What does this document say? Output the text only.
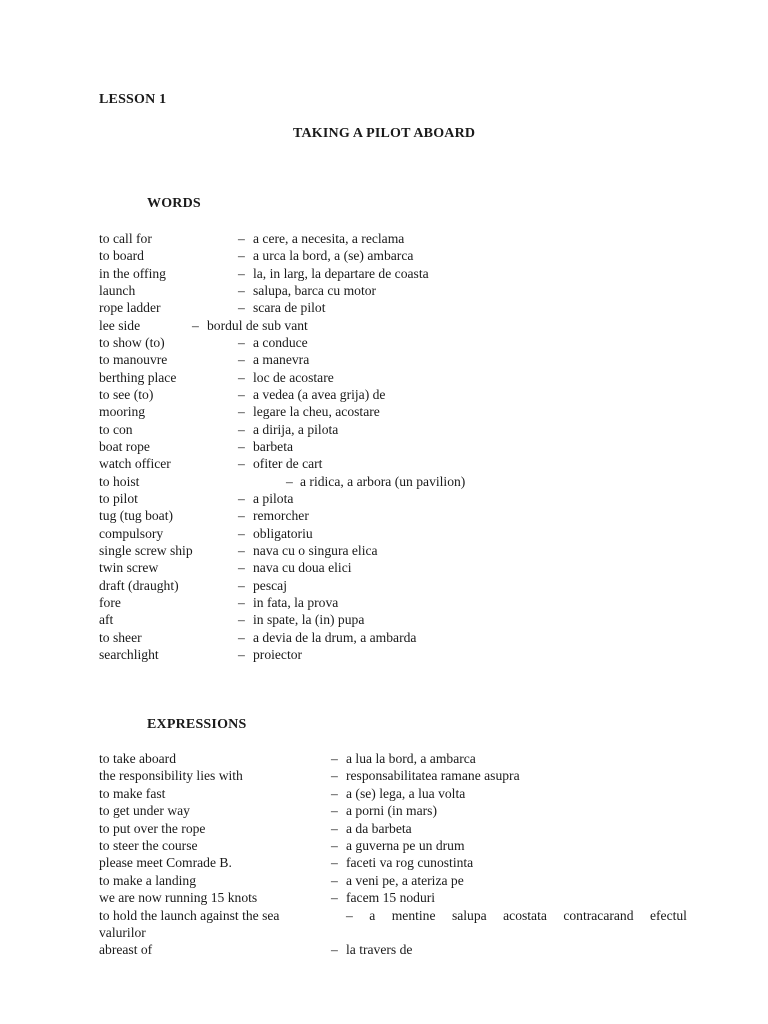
LESSON 1
TAKING A PILOT ABOARD
WORDS
to call for	– a cere, a necesita, a reclama
to board	– a urca la bord, a (se) ambarca
in the offing	– la, in larg, la departare de coasta
launch	– salupa, barca cu motor
rope ladder	– scara de pilot
lee side	– bordul de sub vant
to show (to)	– a conduce
to manouvre	– a manevra
berthing place	– loc de acostare
to see (to)	– a vedea (a avea grija) de
mooring	– legare la cheu, acostare
to con	– a dirija, a pilota
boat rope	– barbeta
watch officer	– ofiter de cart
to hoist	– a ridica, a arbora (un pavilion)
to pilot	– a pilota
tug (tug boat)	– remorcher
compulsory	– obligatoriu
single screw ship	– nava cu o singura elica
twin screw	– nava cu doua elici
draft (draught)	– pescaj
fore	– in fata, la prova
aft	– in spate, la (in) pupa
to sheer	– a devia de la drum, a ambarda
searchlight	– proiector
EXPRESSIONS
to take aboard	– a lua la bord, a ambarca
the responsibility lies with	– responsabilitatea ramane asupra
to make fast	– a (se) lega, a lua volta
to get under way	– a porni (in mars)
to put over the rope	– a da barbeta
to steer the course	– a guverna pe un drum
please meet Comrade B.	– faceti va rog cunostinta
to make a landing	– a veni pe, a ateriza pe
we are now running 15 knots	– facem 15 noduri
to hold the launch against the sea	– a mentine salupa acostata contracarand efectul
valurilor
abreast of	– la travers de
